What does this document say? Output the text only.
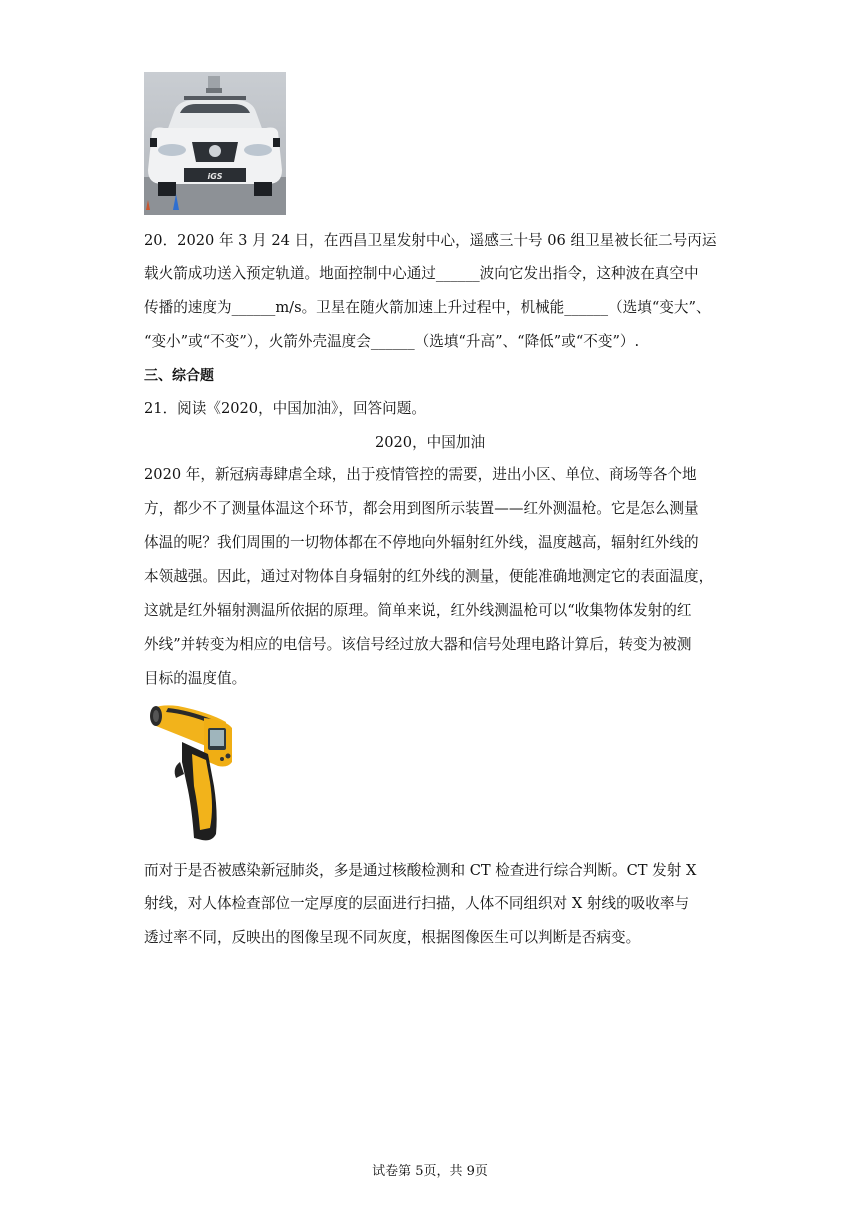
iGS
20．2020 年 3 月 24 日，在西昌卫星发射中心，遥感三十号 06 组卫星被长征二号丙运
载火箭成功送入预定轨道。地面控制中心通过______波向它发出指令，这种波在真空中
传播的速度为______m/s。卫星在随火箭加速上升过程中，机械能______（选填“变大”、
“变小”或“不变”），火箭外壳温度会______（选填“升高”、“降低”或“不变”）.
三、综合题
21．阅读《2020，中国加油》，回答问题。
2020，中国加油
2020 年，新冠病毒肆虐全球，出于疫情管控的需要，进出小区、单位、商场等各个地
方，都少不了测量体温这个环节，都会用到图所示装置——红外测温枪。它是怎么测量
体温的呢？我们周围的一切物体都在不停地向外辐射红外线，温度越高，辐射红外线的
本领越强。因此，通过对物体自身辐射的红外线的测量，便能准确地测定它的表面温度，
这就是红外辐射测温所依据的原理。简单来说，红外线测温枪可以“收集物体发射的红
外线”并转变为相应的电信号。该信号经过放大器和信号处理电路计算后，转变为被测
目标的温度值。
而对于是否被感染新冠肺炎，多是通过核酸检测和 CT 检查进行综合判断。CT 发射 X
射线，对人体检查部位一定厚度的层面进行扫描，人体不同组织对 X 射线的吸收率与
透过率不同，反映出的图像呈现不同灰度，根据图像医生可以判断是否病变。
试卷第 5页，共 9页
